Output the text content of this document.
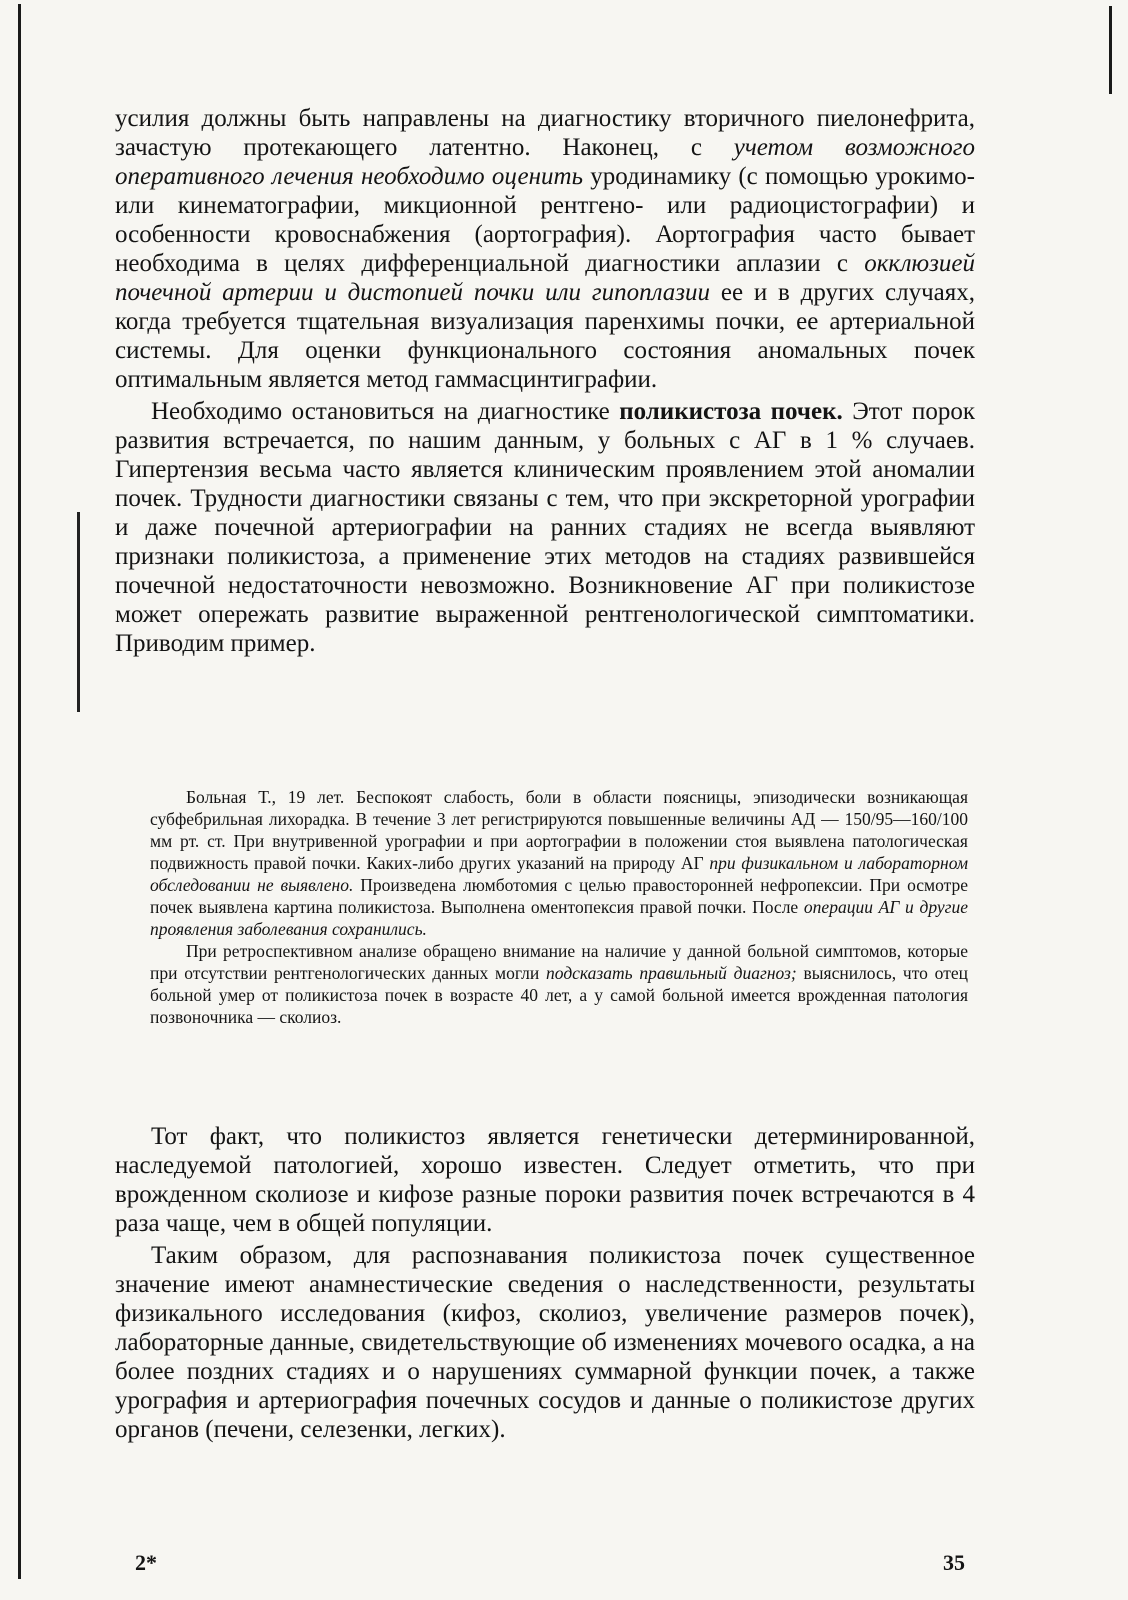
усилия должны быть направлены на диагностику вторичного пиелонефрита, зачастую протекающего латентно. Наконец, с учетом возможного оперативного лечения необходимо оценить уродинамику (с помощью урокимо- или кинематографии, микционной рентгено- или радиоцистографии) и особенности кровоснабжения (аортография). Аортография часто бывает необходима в целях дифференциальной диагностики аплазии с окклюзией почечной артерии и дистопией почки или гипоплазии ее и в других случаях, когда требуется тщательная визуализация паренхимы почки, ее артериальной системы. Для оценки функционального состояния аномальных почек оптимальным является метод гаммасцинтиграфии.

Необходимо остановиться на диагностике поликистоза почек. Этот порок развития встречается, по нашим данным, у больных с АГ в 1 % случаев. Гипертензия весьма часто является клиническим проявлением этой аномалии почек. Трудности диагностики связаны с тем, что при экскреторной урографии и даже почечной артериографии на ранних стадиях не всегда выявляют признаки поликистоза, а применение этих методов на стадиях развившейся почечной недостаточности невозможно. Возникновение АГ при поликистозе может опережать развитие выраженной рентгенологической симптоматики. Приводим пример.

Больная Т., 19 лет. Беспокоят слабость, боли в области поясницы, эпизодически возникающая субфебрильная лихорадка. В течение 3 лет регистрируются повышенные величины АД — 150/95—160/100 мм рт. ст. При внутривенной урографии и при аортографии в положении стоя выявлена патологическая подвижность правой почки. Каких-либо других указаний на природу АГ при физикальном и лабораторном обследовании не выявлено. Произведена люмботомия с целью правосторонней нефропексии. При осмотре почек выявлена картина поликистоза. Выполнена оментопексия правой почки. После операции АГ и другие проявления заболевания сохранились.

При ретроспективном анализе обращено внимание на наличие у данной больной симптомов, которые при отсутствии рентгенологических данных могли подсказать правильный диагноз; выяснилось, что отец больной умер от поликистоза почек в возрасте 40 лет, а у самой больной имеется врожденная патология позвоночника — сколиоз.

Тот факт, что поликистоз является генетически детерминированной, наследуемой патологией, хорошо известен. Следует отметить, что при врожденном сколиозе и кифозе разные пороки развития почек встречаются в 4 раза чаще, чем в общей популяции.

Таким образом, для распознавания поликистоза почек существенное значение имеют анамнестические сведения о наследственности, результаты физикального исследования (кифоз, сколиоз, увеличение размеров почек), лабораторные данные, свидетельствующие об изменениях мочевого осадка, а на более поздних стадиях и о нарушениях суммарной функции почек, а также урография и артериография почечных сосудов и данные о поликистозе других органов (печени, селезенки, легких).

2*	35
